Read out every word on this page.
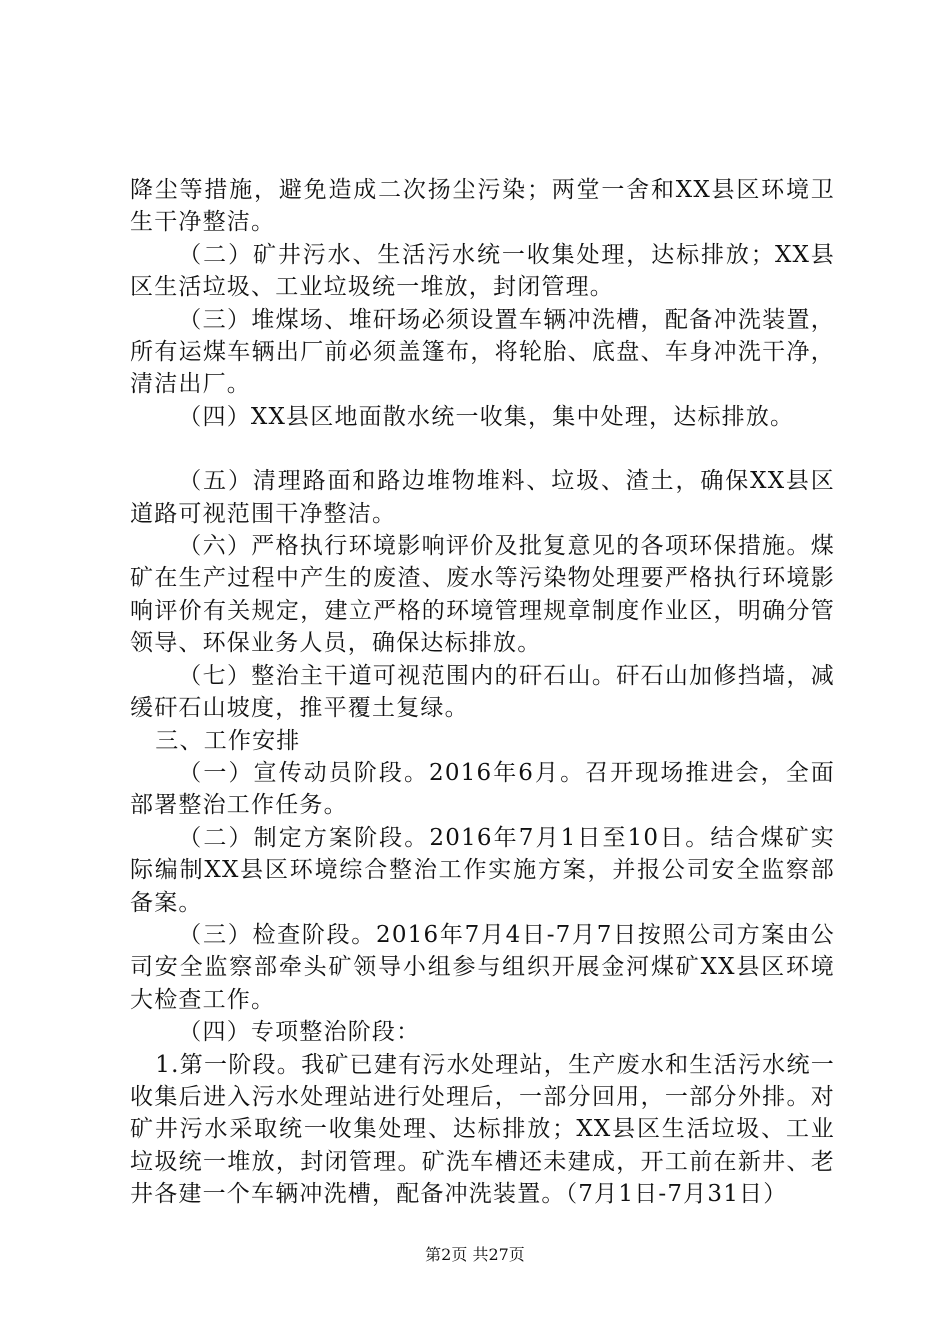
降尘等措施，避免造成二次扬尘污染；两堂一舍和XX县区环境卫生干净整洁。

（二）矿井污水、生活污水统一收集处理，达标排放；XX县区生活垃圾、工业垃圾统一堆放，封闭管理。

（三）堆煤场、堆矸场必须设置车辆冲洗槽，配备冲洗装置，所有运煤车辆出厂前必须盖篷布，将轮胎、底盘、车身冲洗干净，清洁出厂。

（四）XX县区地面散水统一收集，集中处理，达标排放。

（五）清理路面和路边堆物堆料、垃圾、渣土，确保XX县区道路可视范围干净整洁。

（六）严格执行环境影响评价及批复意见的各项环保措施。煤矿在生产过程中产生的废渣、废水等污染物处理要严格执行环境影响评价有关规定，建立严格的环境管理规章制度作业区，明确分管领导、环保业务人员，确保达标排放。

（七）整治主干道可视范围内的矸石山。矸石山加修挡墙，减缓矸石山坡度，推平覆土复绿。

三、工作安排

（一）宣传动员阶段。2016年6月。召开现场推进会，全面部署整治工作任务。

（二）制定方案阶段。2016年7月1日至10日。结合煤矿实际编制XX县区环境综合整治工作实施方案，并报公司安全监察部备案。

（三）检查阶段。2016年7月4日-7月7日按照公司方案由公司安全监察部牵头矿领导小组参与组织开展金河煤矿XX县区环境大检查工作。

（四）专项整治阶段：

1.第一阶段。我矿已建有污水处理站，生产废水和生活污水统一收集后进入污水处理站进行处理后，一部分回用，一部分外排。对矿井污水采取统一收集处理、达标排放；XX县区生活垃圾、工业垃圾统一堆放，封闭管理。矿洗车槽还未建成，开工前在新井、老井各建一个车辆冲洗槽，配备冲洗装置。（7月1日-7月31日）

第2页 共27页
